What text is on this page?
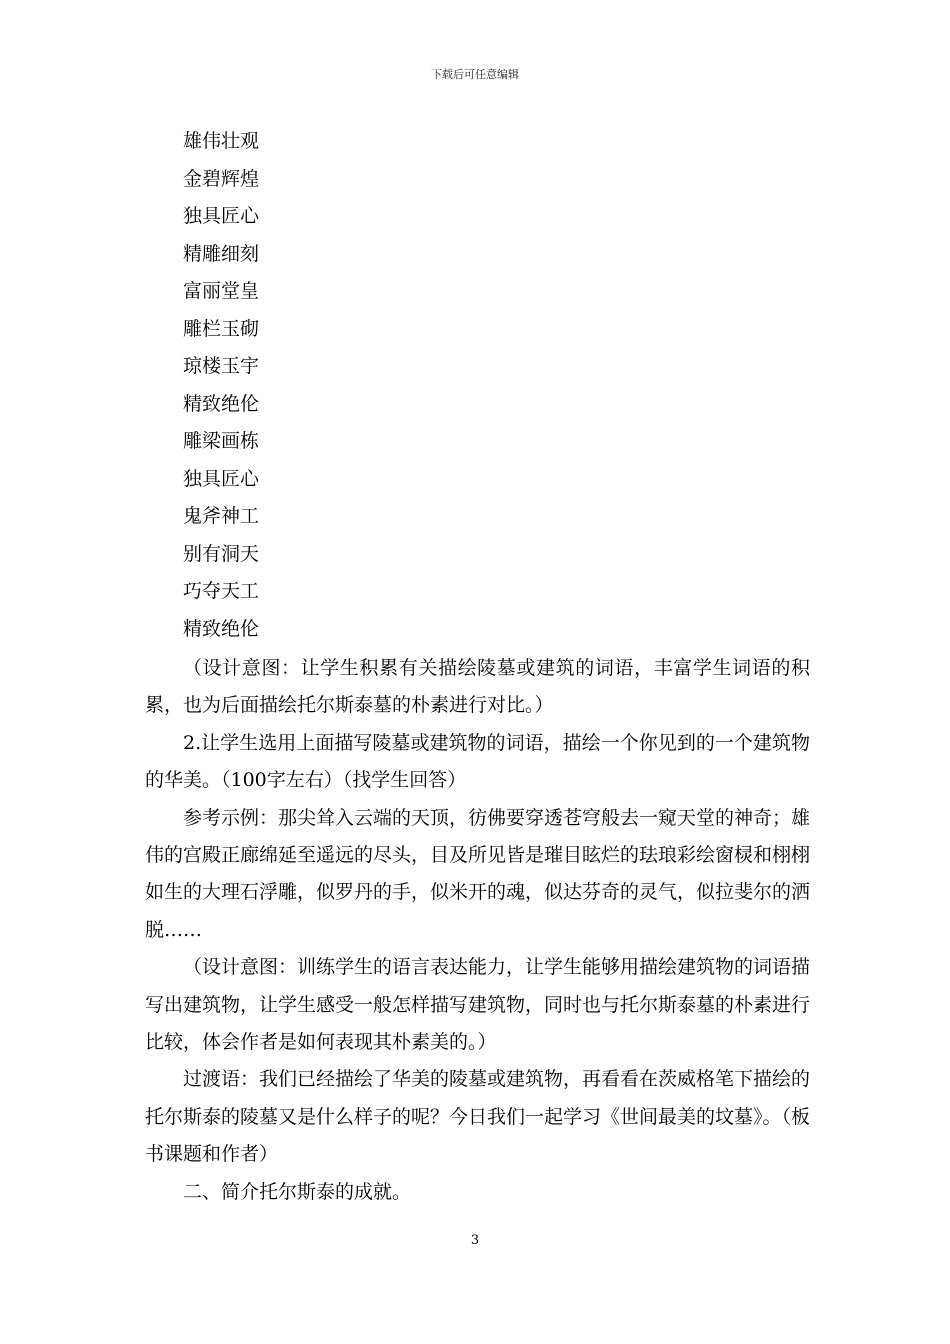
下载后可任意编辑
雄伟壮观
金碧辉煌
独具匠心
精雕细刻
富丽堂皇
雕栏玉砌
琼楼玉宇
精致绝伦
雕梁画栋
独具匠心
鬼斧神工
别有洞天
巧夺天工
精致绝伦

（设计意图：让学生积累有关描绘陵墓或建筑的词语，丰富学生词语的积累，也为后面描绘托尔斯泰墓的朴素进行对比。）

2.让学生选用上面描写陵墓或建筑物的词语，描绘一个你见到的一个建筑物的华美。（100字左右）（找学生回答）

参考示例：那尖耸入云端的天顶，彷佛要穿透苍穹般去一窥天堂的神奇；雄伟的宫殿正廊绵延至遥远的尽头，目及所见皆是璀目眩烂的珐琅彩绘窗棂和栩栩如生的大理石浮雕，似罗丹的手，似米开的魂，似达芬奇的灵气，似拉斐尔的洒脱……

（设计意图：训练学生的语言表达能力，让学生能够用描绘建筑物的词语描写出建筑物，让学生感受一般怎样描写建筑物，同时也与托尔斯泰墓的朴素进行比较，体会作者是如何表现其朴素美的。）

过渡语：我们已经描绘了华美的陵墓或建筑物，再看看在茨威格笔下描绘的托尔斯泰的陵墓又是什么样子的呢？今日我们一起学习《世间最美的坟墓》。（板书课题和作者）

二、简介托尔斯泰的成就。

3
